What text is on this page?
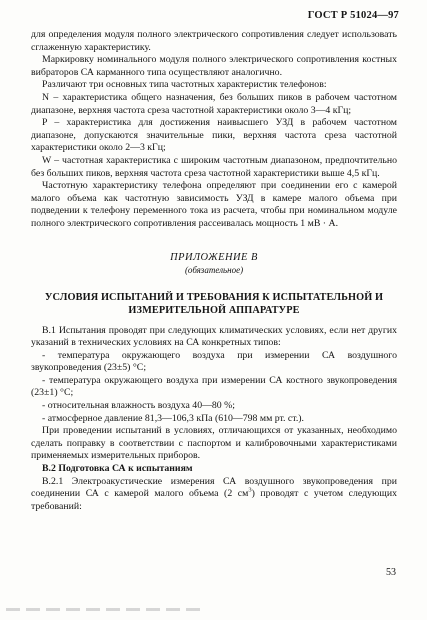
ГОСТ Р 51024—97

для определения модуля полного электрического сопротивления следует использовать сглаженную характеристику.

Маркировку номинального модуля полного электрического сопротивления костных вибраторов СА карманного типа осуществляют аналогично.

Различают три основных типа частотных характеристик телефонов:

N – характеристика общего назначения, без больших пиков в рабочем частотном диапазоне, верхняя частота среза частотной характеристики около 3—4 кГц;

P – характеристика для достижения наивысшего УЗД в рабочем частотном диапазоне, допускаются значительные пики, верхняя частота среза частотной характеристики около 2—3 кГц;

W – частотная характеристика с широким частотным диапазоном, предпочтительно без больших пиков, верхняя частота среза частотной характеристики выше 4,5 кГц.

Частотную характеристику телефона определяют при соединении его с камерой малого объема как частотную зависимость УЗД в камере малого объема при подведении к телефону переменного тока из расчета, чтобы при номинальном модуле полного электрического сопротивления рассеивалась мощность 1 мВ · А.

ПРИЛОЖЕНИЕ В
(обязательное)
УСЛОВИЯ ИСПЫТАНИЙ И ТРЕБОВАНИЯ К ИСПЫТАТЕЛЬНОЙ И
ИЗМЕРИТЕЛЬНОЙ АППАРАТУРЕ

B.1 Испытания проводят при следующих климатических условиях, если нет других указаний в технических условиях на СА конкретных типов:

- температура окружающего воздуха при измерении СА воздушного звукопроведения (23±5) °С;

- температура окружающего воздуха при измерении СА костного звукопроведения (23±1) °С;

- относительная влажность воздуха 40—80 %;

- атмосферное давление 81,3—106,3 кПа (610—798 мм рт. ст.).

При проведении испытаний в условиях, отличающихся от указанных, необходимо сделать поправку в соответствии с паспортом и калибровочными характеристиками применяемых измерительных приборов.

В.2 Подготовка СА к испытаниям

B.2.1 Электроакустические измерения СА воздушного звукопроведения при соединении СА с камерой малого объема (2 $см^3$) проводят с учетом следующих требований:

53
